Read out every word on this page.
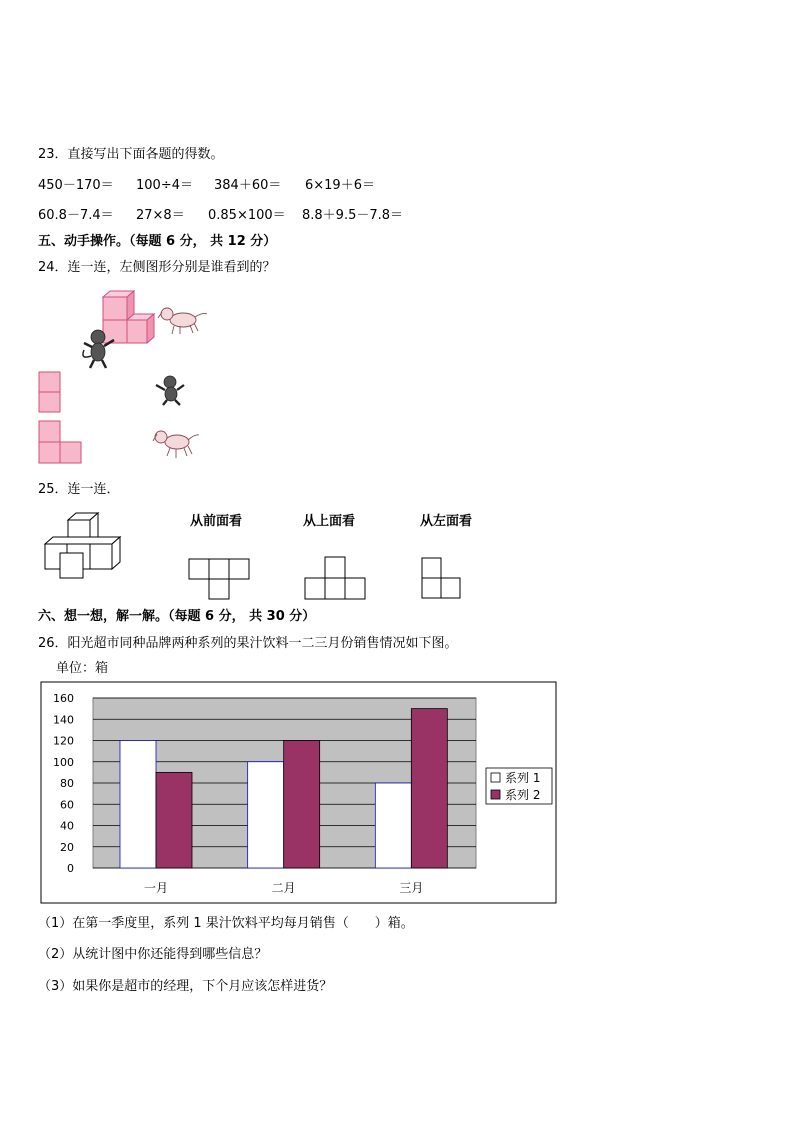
23．直接写出下面各题的得数。
450－170＝ 100÷4＝ 384＋60＝ 6×19＋6＝
60.8－7.4＝ 27×8＝ 0.85×100＝ 8.8＋9.5－7.8＝
五、动手操作。（每题 6 分， 共 12 分）
24．连一连，左侧图形分别是谁看到的？
25．连一连．
从前面看	从上面看	从左面看
六、想一想，解一解。（每题 6 分， 共 30 分）
26．阳光超市同种品牌两种系列的果汁饮料一二三月份销售情况如下图。
单位：箱
0
20
40
60
80
100
120
140
160
一月	二月	三月
系列 1
系列 2
（1）在第一季度里，系列 1 果汁饮料平均每月销售（　　）箱。
（2）从统计图中你还能得到哪些信息？
（3）如果你是超市的经理，下个月应该怎样进货？
